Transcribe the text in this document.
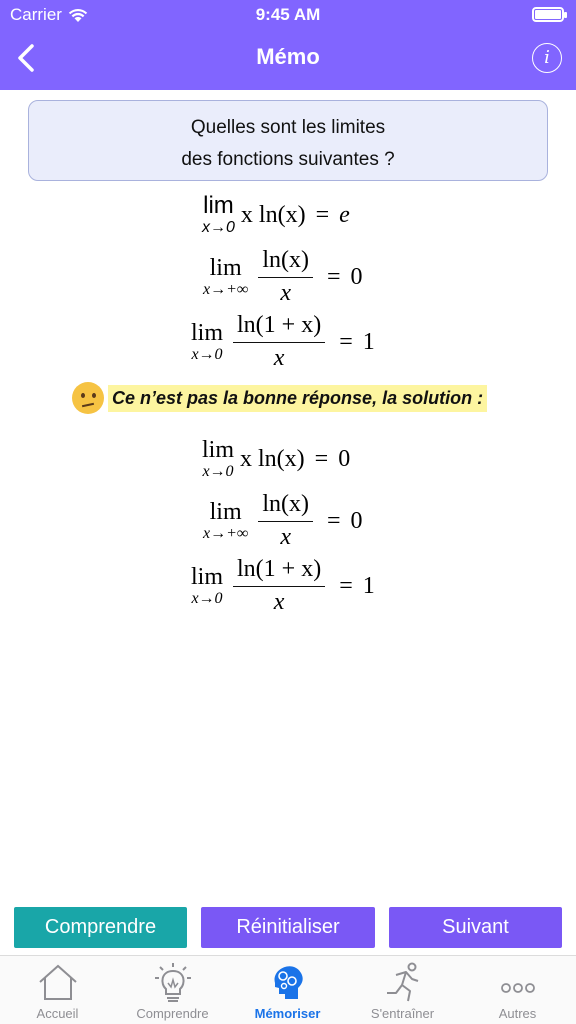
Carrier	9:45 AM
Mémo	i
Quelles sont les limites
des fonctions suivantes ?
lim
x→0 x ln(x) = e
lim
$x\to+\infty \frac{\ln(x)}{x} = 0$
lim
$x\to 0 \frac{\ln(1 + x)}{x} = 1$
Ce n’est pas la bonne réponse, la solution :
lim
x→0 x ln(x) = 0
lim
$x\to+\infty \frac{\ln(x)}{x} = 0$
lim
$x\to 0 \frac{\ln(1 + x)}{x} = 1$
Comprendre	Réinitialiser	Suivant
Accueil	Comprendre	Mémoriser	S'entraîner	Autres
